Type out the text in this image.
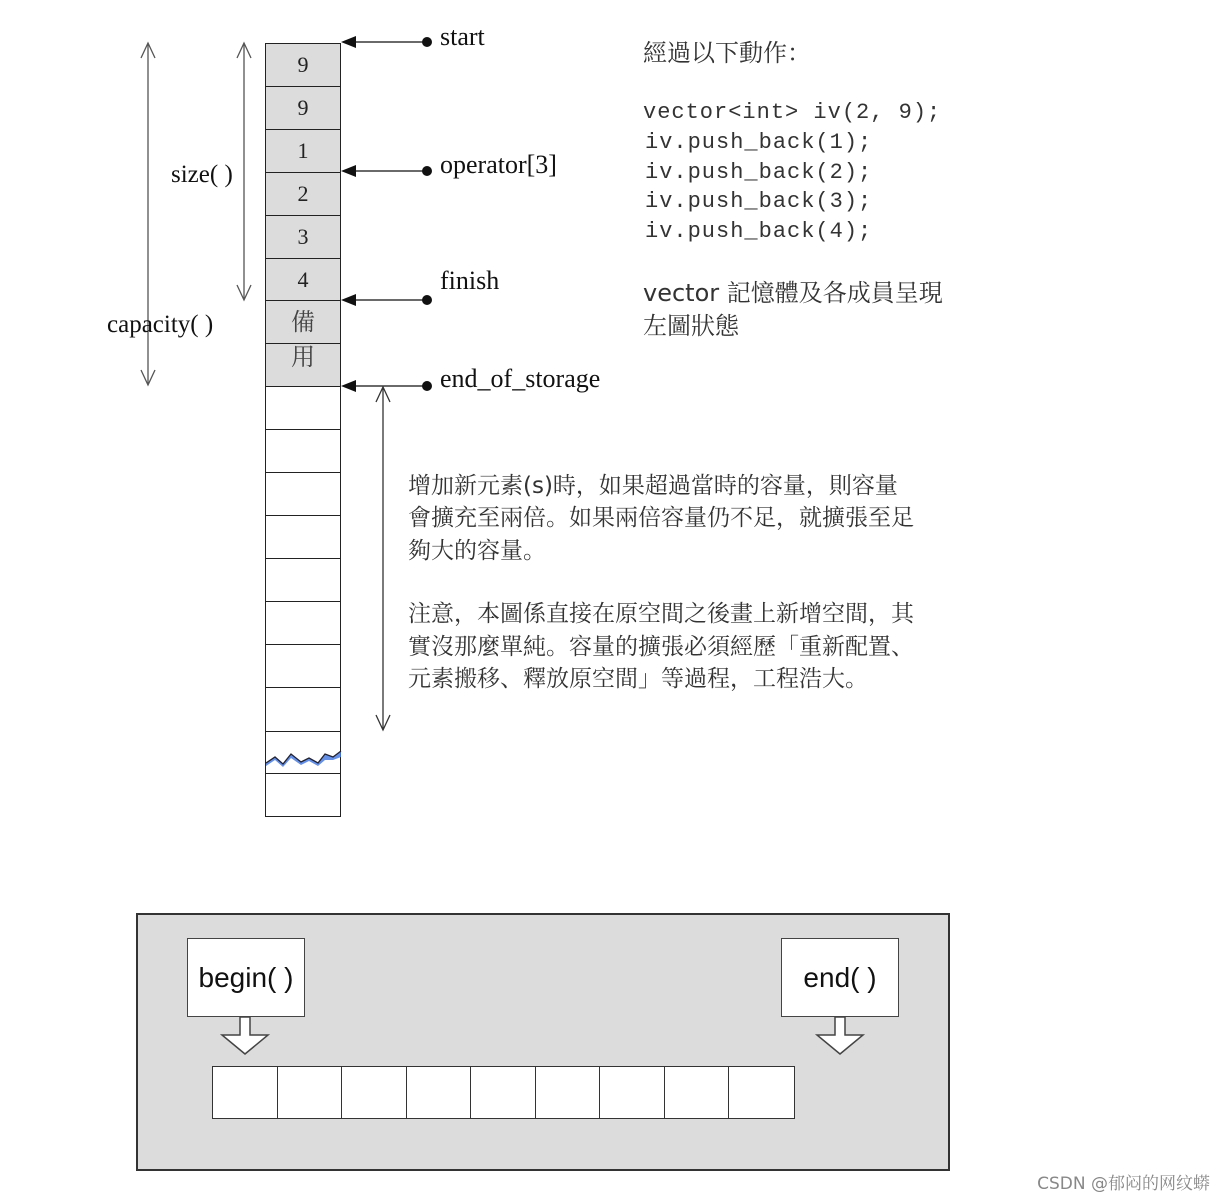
9
9
1
2
3
4
備
用
start
operator[3]
finish
end_of_storage
size( )
capacity( )
經過以下動作：
vector<int> iv(2, 9);
iv.push_back(1);
iv.push_back(2);
iv.push_back(3);
iv.push_back(4);
vector 記憶體及各成員呈現
左圖狀態
增加新元素(s)時，如果超過當時的容量，則容量
會擴充至兩倍。如果兩倍容量仍不足，就擴張至足
夠大的容量。
注意，本圖係直接在原空間之後畫上新增空間，其
實沒那麼單純。容量的擴張必須經歷「重新配置、
元素搬移、釋放原空間」等過程，工程浩大。
begin( )	end( )
CSDN @郁闷的网纹蟒
